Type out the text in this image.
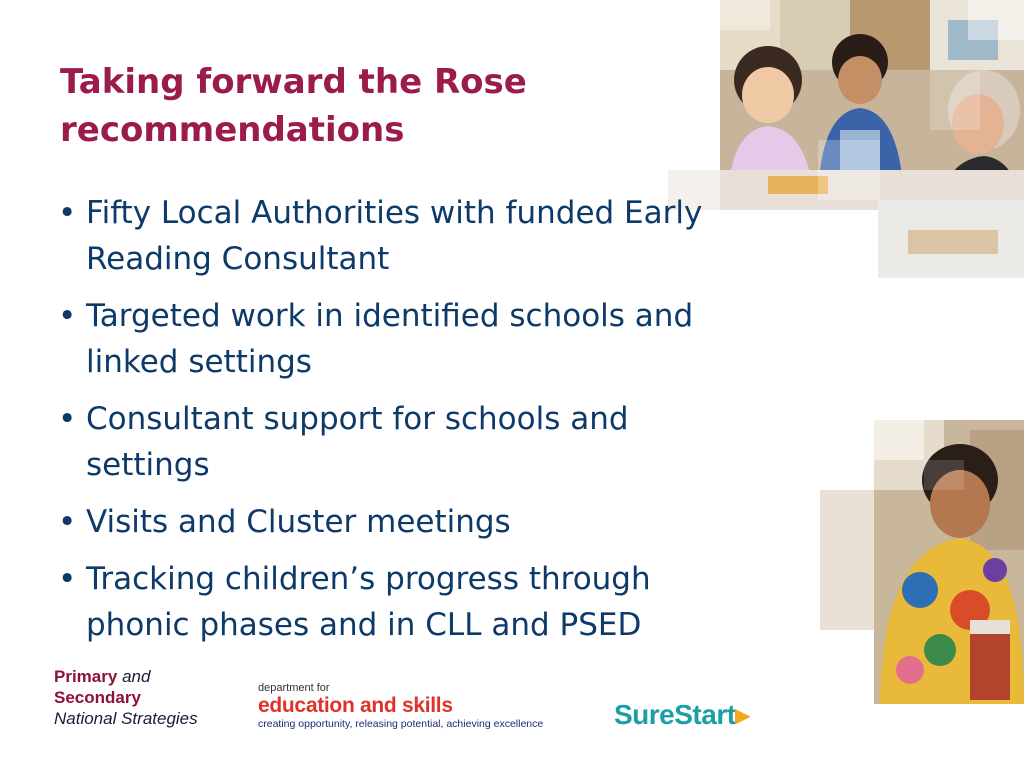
Taking forward the Rose
recommendations
• Fifty Local Authorities with funded Early
Reading Consultant
• Targeted work in identified schools and
linked settings
• Consultant support for schools and
settings
• Visits and Cluster meetings
• Tracking children’s progress through
phonic phases and in CLL and PSED
Primary and
Secondary
National Strategies
department for
education and skills
creating opportunity, releasing potential, achieving excellence	SureStart▸
